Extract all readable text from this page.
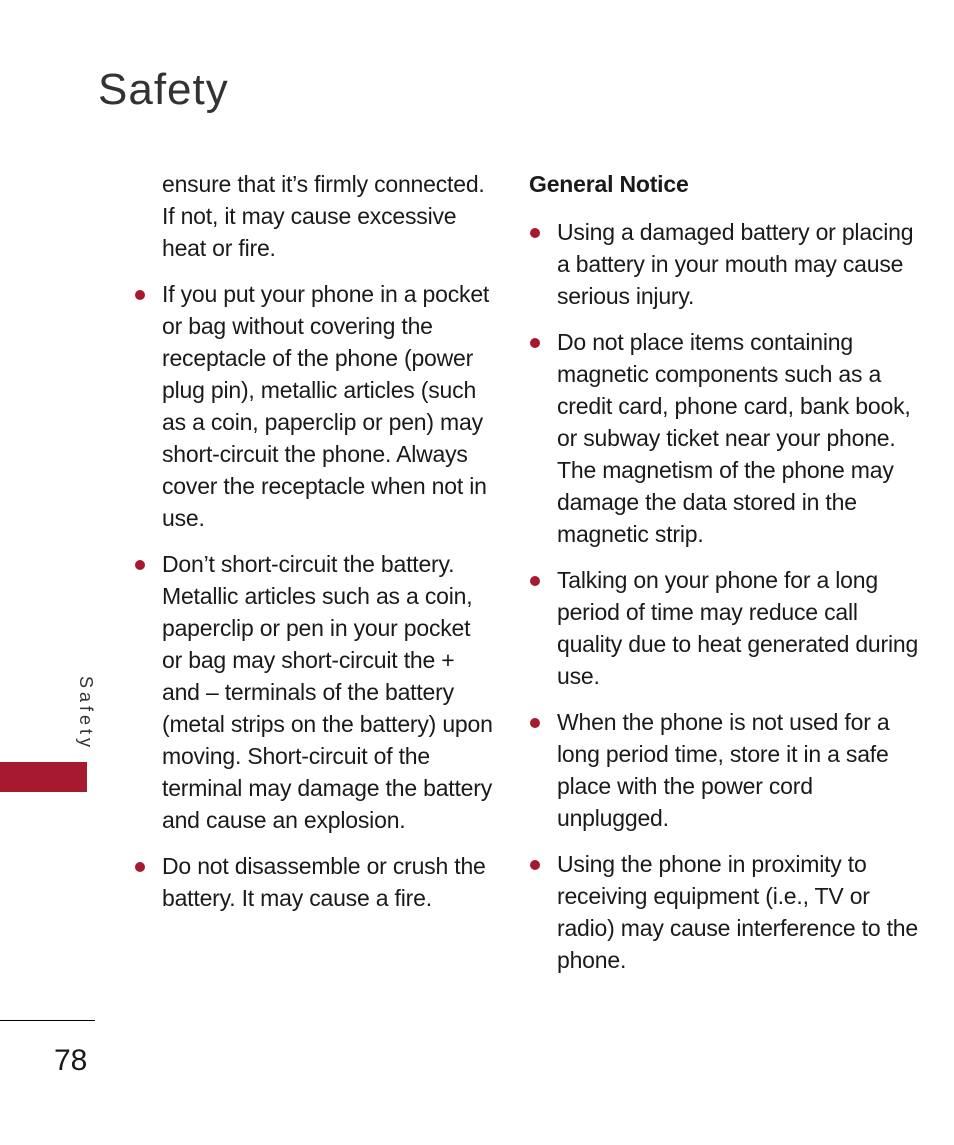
Safety

ensure that it’s firmly connected. If not, it may cause excessive heat or fire.

If you put your phone in a pocket or bag without covering the receptacle of the phone (power plug pin), metallic articles (such as a coin, paperclip or pen) may short-circuit the phone. Always cover the receptacle when not in use.
Don’t short-circuit the battery. Metallic articles such as a coin, paperclip or pen in your pocket or bag may short-circuit the + and – terminals of the battery (metal strips on the battery) upon moving. Short-circuit of the terminal may damage the battery and cause an explosion.
Do not disassemble or crush the battery. It may cause a fire.
General Notice
Using a damaged battery or placing a battery in your mouth may cause serious injury.
Do not place items containing magnetic components such as a credit card, phone card, bank book, or subway ticket near your phone. The magnetism of the phone may damage the data stored in the magnetic strip.
Talking on your phone for a long period of time may reduce call quality due to heat generated during use.
When the phone is not used for a long period time, store it in a safe place with the power cord unplugged.
Using the phone in proximity to receiving equipment (i.e., TV or radio) may cause interference to the phone.
Safety
78
